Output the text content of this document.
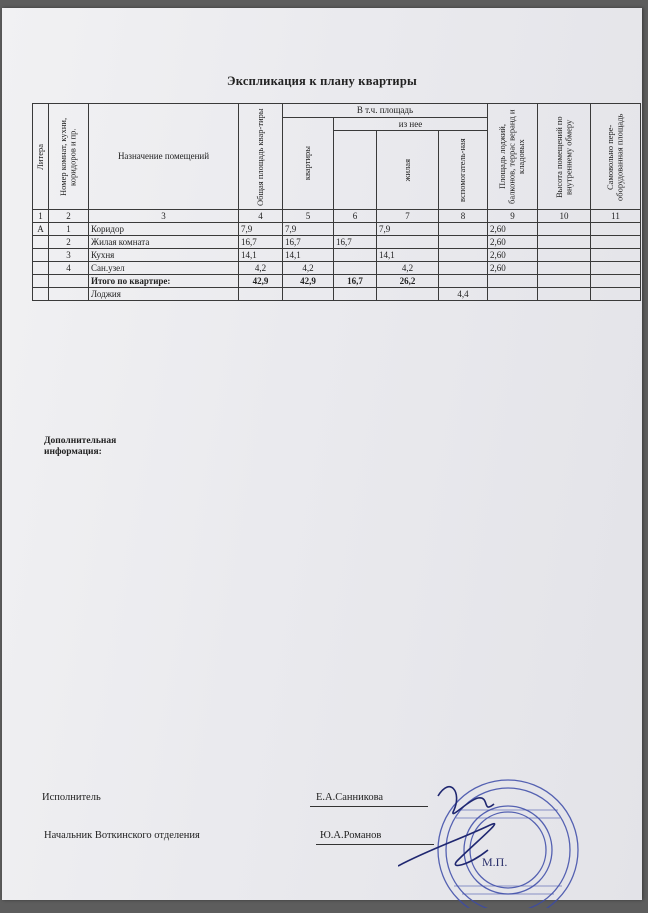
Экспликация к плану квартиры
Литера	Номер комнат, кухни, коридоров и пр.	Назначение помещений	Общая площадь квар-тиры	В т.ч. площадь				Площадь лоджий, балконов, террас веранд и кладовых	Высота помещений по внутреннему обмеру	Самовольно пере-оборудованная площадь

				квартиры	из нее						

						жилая	вспомогатель-ная				

1	2	3	4	5	6	7	8	9	10	11	
А	1	Коридор	7,9	7,9		7,9		2,60			
	2	Жилая комната	16,7	16,7	16,7			2,60			
	3	Кухня	14,1	14,1		14,1		2,60			
	4	Сан.узел	4,2	4,2		4,2		2,60			
		Итого по квартире:	42,9	42,9	16,7	26,2					
		Лоджия					4,4				
Дополнительная информация:
Исполнитель	Е.А.Санникова
Начальник Воткинского отделения	Ю.А.Романов
М.П.
